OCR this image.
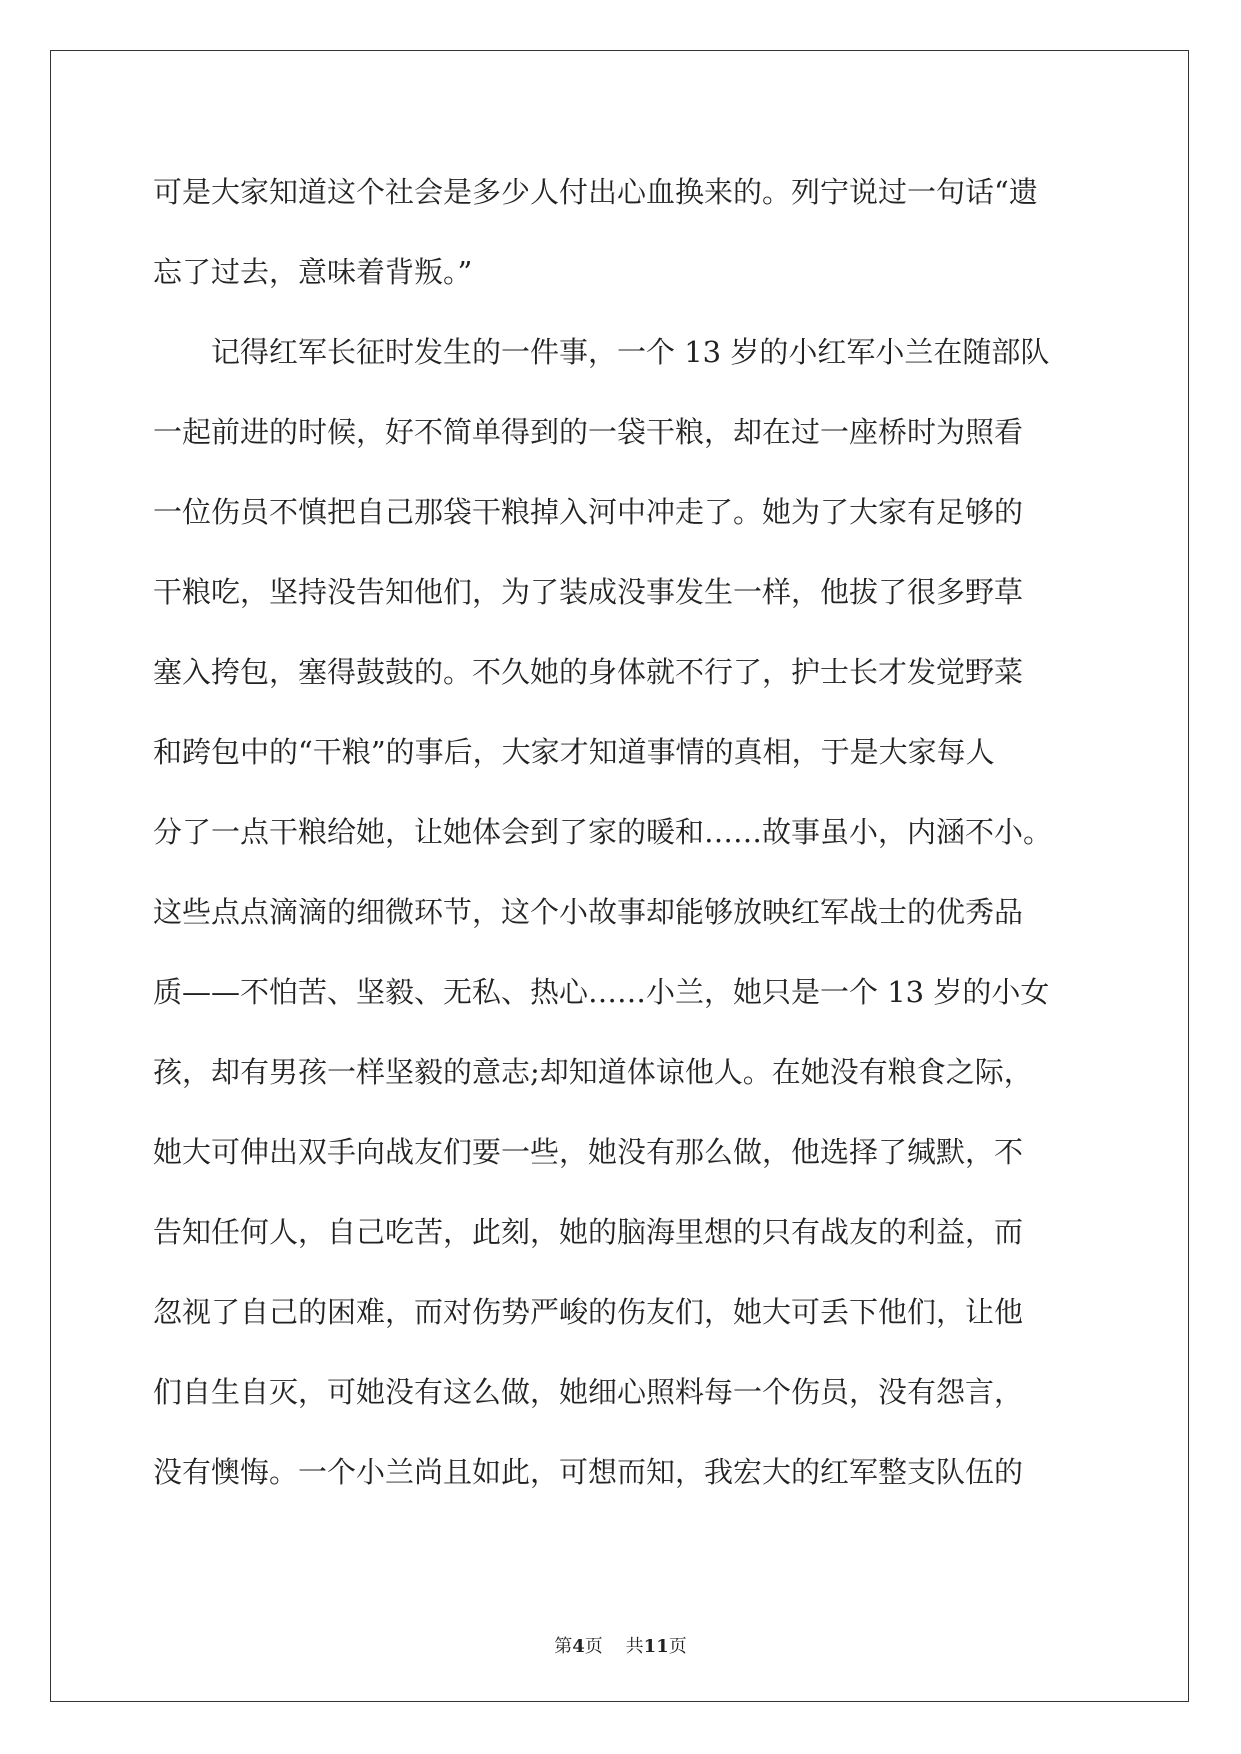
可是大家知道这个社会是多少人付出心血换来的。列宁说过一句话“遗
忘了过去，意味着背叛。”
　　记得红军长征时发生的一件事，一个 13 岁的小红军小兰在随部队
一起前进的时候，好不简单得到的一袋干粮，却在过一座桥时为照看
一位伤员不慎把自己那袋干粮掉入河中冲走了。她为了大家有足够的
干粮吃，坚持没告知他们，为了装成没事发生一样，他拔了很多野草
塞入挎包，塞得鼓鼓的。不久她的身体就不行了，护士长才发觉野菜
和跨包中的“干粮”的事后，大家才知道事情的真相，于是大家每人
分了一点干粮给她，让她体会到了家的暖和……故事虽小，内涵不小。
这些点点滴滴的细微环节，这个小故事却能够放映红军战士的优秀品
质——不怕苦、坚毅、无私、热心……小兰，她只是一个 13 岁的小女
孩，却有男孩一样坚毅的意志;却知道体谅他人。在她没有粮食之际，
她大可伸出双手向战友们要一些，她没有那么做，他选择了缄默，不
告知任何人，自己吃苦，此刻，她的脑海里想的只有战友的利益，而
忽视了自己的困难，而对伤势严峻的伤友们，她大可丢下他们，让他
们自生自灭，可她没有这么做，她细心照料每一个伤员，没有怨言，
没有懊悔。一个小兰尚且如此，可想而知，我宏大的红军整支队伍的
第4页 共11页
